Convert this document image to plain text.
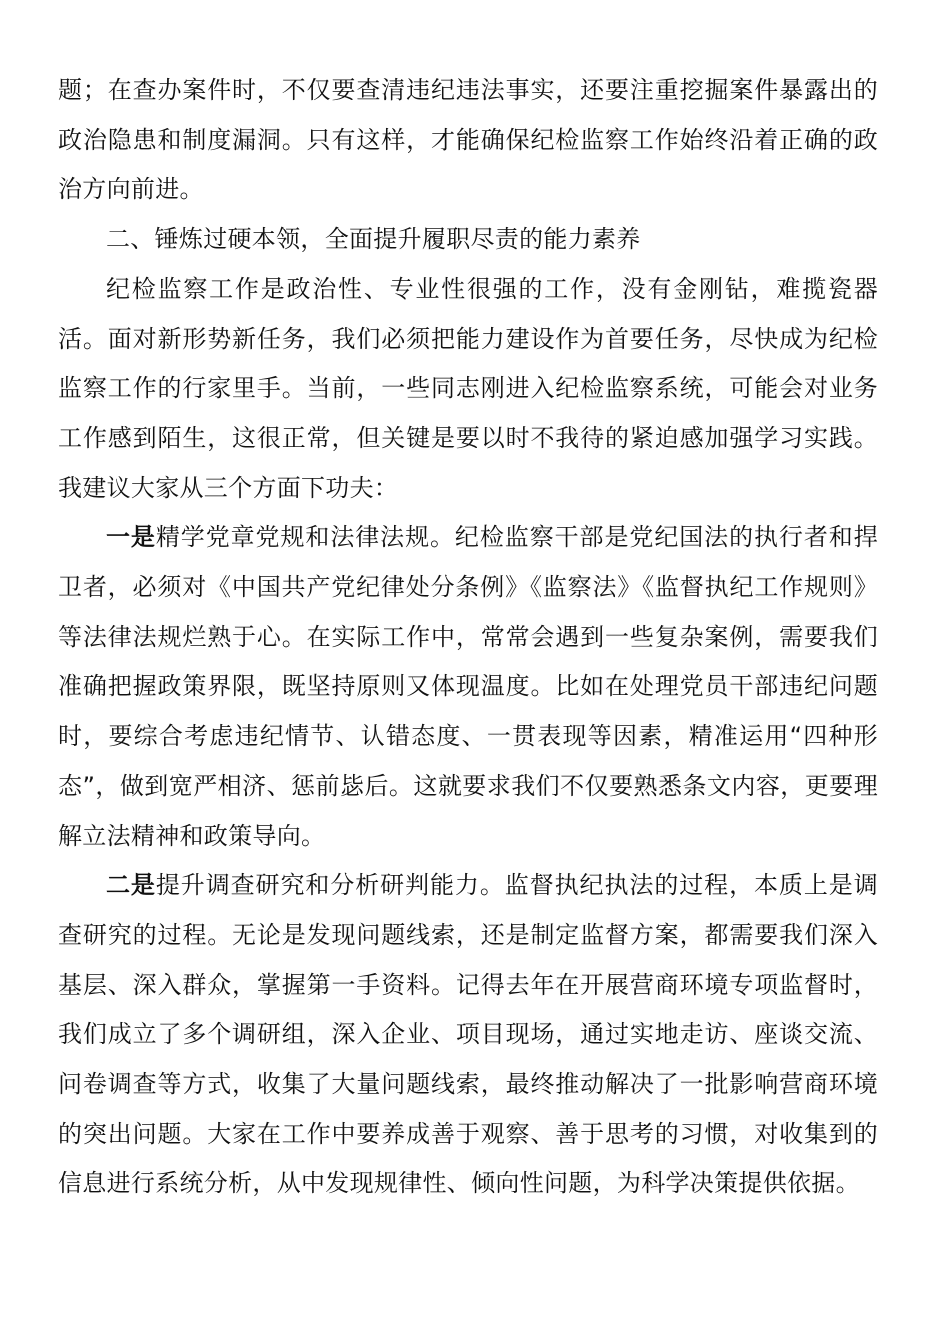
题；在查办案件时，不仅要查清违纪违法事实，还要注重挖掘案件暴露出的政治隐患和制度漏洞。只有这样，才能确保纪检监察工作始终沿着正确的政治方向前进。

二、锤炼过硬本领，全面提升履职尽责的能力素养

纪检监察工作是政治性、专业性很强的工作，没有金刚钻，难揽瓷器活。面对新形势新任务，我们必须把能力建设作为首要任务，尽快成为纪检监察工作的行家里手。当前，一些同志刚进入纪检监察系统，可能会对业务工作感到陌生，这很正常，但关键是要以时不我待的紧迫感加强学习实践。我建议大家从三个方面下功夫：

一是精学党章党规和法律法规。纪检监察干部是党纪国法的执行者和捍卫者，必须对《中国共产党纪律处分条例》《监察法》《监督执纪工作规则》等法律法规烂熟于心。在实际工作中，常常会遇到一些复杂案例，需要我们准确把握政策界限，既坚持原则又体现温度。比如在处理党员干部违纪问题时，要综合考虑违纪情节、认错态度、一贯表现等因素，精准运用“四种形态”，做到宽严相济、惩前毖后。这就要求我们不仅要熟悉条文内容，更要理解立法精神和政策导向。

二是提升调查研究和分析研判能力。监督执纪执法的过程，本质上是调查研究的过程。无论是发现问题线索，还是制定监督方案，都需要我们深入基层、深入群众，掌握第一手资料。记得去年在开展营商环境专项监督时，我们成立了多个调研组，深入企业、项目现场，通过实地走访、座谈交流、问卷调查等方式，收集了大量问题线索，最终推动解决了一批影响营商环境的突出问题。大家在工作中要养成善于观察、善于思考的习惯，对收集到的信息进行系统分析，从中发现规律性、倾向性问题，为科学决策提供依据。
